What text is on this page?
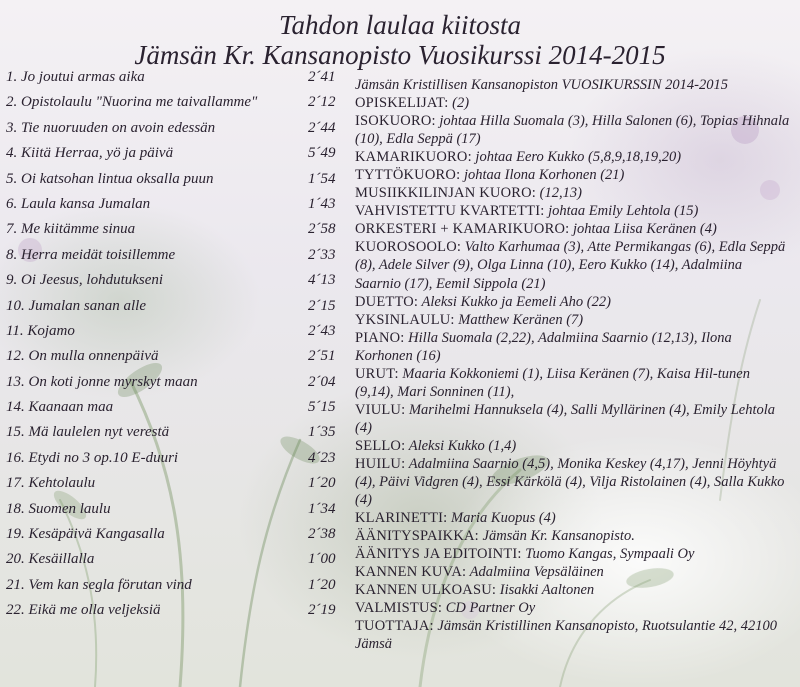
Tahdon laulaa kiitosta
Jämsän Kr. Kansanopisto Vuosikurssi 2014-2015
1. Jo joutui armas aika	2´41
2. Opistolaulu "Nuorina me taivallamme"	2´12
3. Tie nuoruuden on avoin edessän	2´44
4. Kiitä Herraa, yö ja päivä	5´49
5. Oi katsohan lintua oksalla puun	1´54
6. Laula kansa Jumalan	1´43
7. Me kiitämme sinua	2´58
8. Herra meidät toisillemme	2´33
9. Oi Jeesus, lohdutukseni	4´13
10. Jumalan sanan alle	2´15
11. Kojamo	2´43
12. On mulla onnenpäivä	2´51
13. On koti jonne myrskyt maan	2´04
14. Kaanaan maa	5´15
15. Mä laulelen nyt verestä	1´35
16. Etydi no 3 op.10 E-duuri	4´23
17. Kehtolaulu	1´20
18. Suomen laulu	1´34
19. Kesäpäivä Kangasalla	2´38
20. Kesäillalla	1´00
21. Vem kan segla förutan vind	1´20
22. Eikä me olla veljeksiä	2´19

Jämsän Kristillisen Kansanopiston VUOSIKURSSIN 2014-2015

OPISKELIJAT: (2)

ISOKUORO: johtaa Hilla Suomala (3), Hilla Salonen (6), Topias Hihnala (10), Edla Seppä (17)

KAMARIKUORO: johtaa Eero Kukko (5,8,9,18,19,20)

TYTTÖKUORO: johtaa Ilona Korhonen (21)

MUSIIKKILINJAN KUORO: (12,13)

VAHVISTETTU KVARTETTI: johtaa Emily Lehtola (15)

ORKESTERI + KAMARIKUORO: johtaa Liisa Keränen (4)

KUOROSOOLO: Valto Karhumaa (3), Atte Permikangas (6), Edla Seppä (8), Adele Silver (9), Olga Linna (10), Eero Kukko (14), Adalmiina Saarnio (17), Eemil Sippola (21)

DUETTO: Aleksi Kukko ja Eemeli Aho (22)

YKSINLAULU: Matthew Keränen (7)

PIANO: Hilla Suomala (2,22), Adalmiina Saarnio (12,13), Ilona Korhonen (16)

URUT: Maaria Kokkoniemi (1), Liisa Keränen (7), Kaisa Hil-tunen (9,14), Mari Sonninen (11),

VIULU: Marihelmi Hannuksela (4), Salli Myllärinen (4), Emily Lehtola (4)

SELLO: Aleksi Kukko (1,4)

HUILU: Adalmiina Saarnio (4,5), Monika Keskey (4,17), Jenni Höyhtyä (4), Päivi Vidgren (4), Essi Kärkölä (4), Vilja Ristolainen (4), Salla Kukko (4)

KLARINETTI: Maria Kuopus (4)

ÄÄNITYSPAIKKA: Jämsän Kr. Kansanopisto.

ÄÄNITYS JA EDITOINTI: Tuomo Kangas, Sympaali Oy

KANNEN KUVA: Adalmiina Vepsäläinen

KANNEN ULKOASU: Iisakki Aaltonen

VALMISTUS: CD Partner Oy

TUOTTAJA: Jämsän Kristillinen Kansanopisto, Ruotsulantie 42, 42100 Jämsä
